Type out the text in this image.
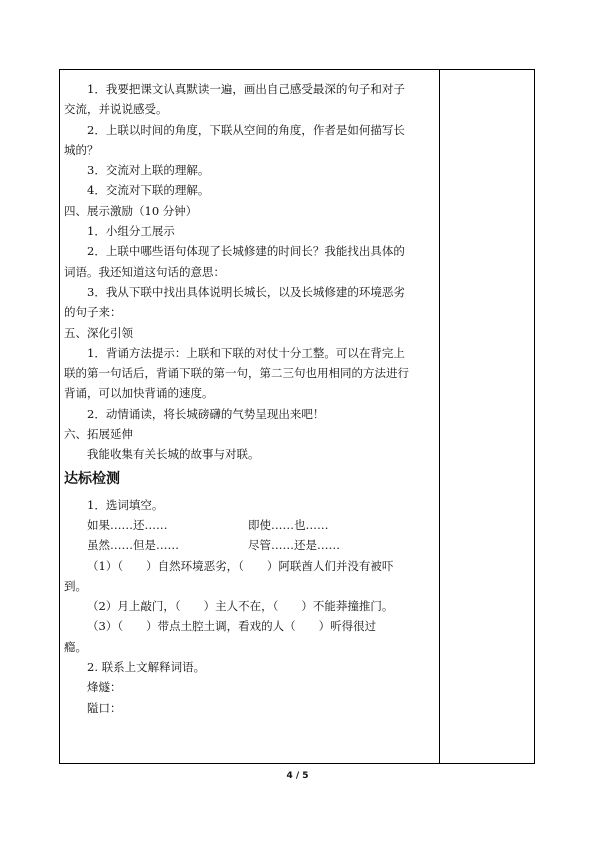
1．我要把课文认真默读一遍，画出自己感受最深的句子和对子

交流，并说说感受。

2．上联以时间的角度，下联从空间的角度，作者是如何描写长

城的？

3．交流对上联的理解。

4．交流对下联的理解。

四、展示激励（10 分钟）

1．小组分工展示

2．上联中哪些语句体现了长城修建的时间长？我能找出具体的

词语。我还知道这句话的意思：

3．我从下联中找出具体说明长城长，以及长城修建的环境恶劣

的句子来：

五、深化引领

1．背诵方法提示：上联和下联的对仗十分工整。可以在背完上

联的第一句话后，背诵下联的第一句，第二三句也用相同的方法进行

背诵，可以加快背诵的速度。

2．动情诵读，将长城磅礴的气势呈现出来吧！

六、拓展延伸

我能收集有关长城的故事与对联。

达标检测

1．选词填空。

如果……还……	即使……也……
虽然……但是……	尽管……还是……

（1）（　　）自然环境恶劣，（　　）阿联酋人们并没有被吓

到。

（2）月上敲门，（　　）主人不在，（　　）不能莽撞推门。

（3）（　　）带点土腔土调，看戏的人（　　）听得很过

瘾。

2. 联系上文解释词语。

烽燧：

隘口：

4 / 5
